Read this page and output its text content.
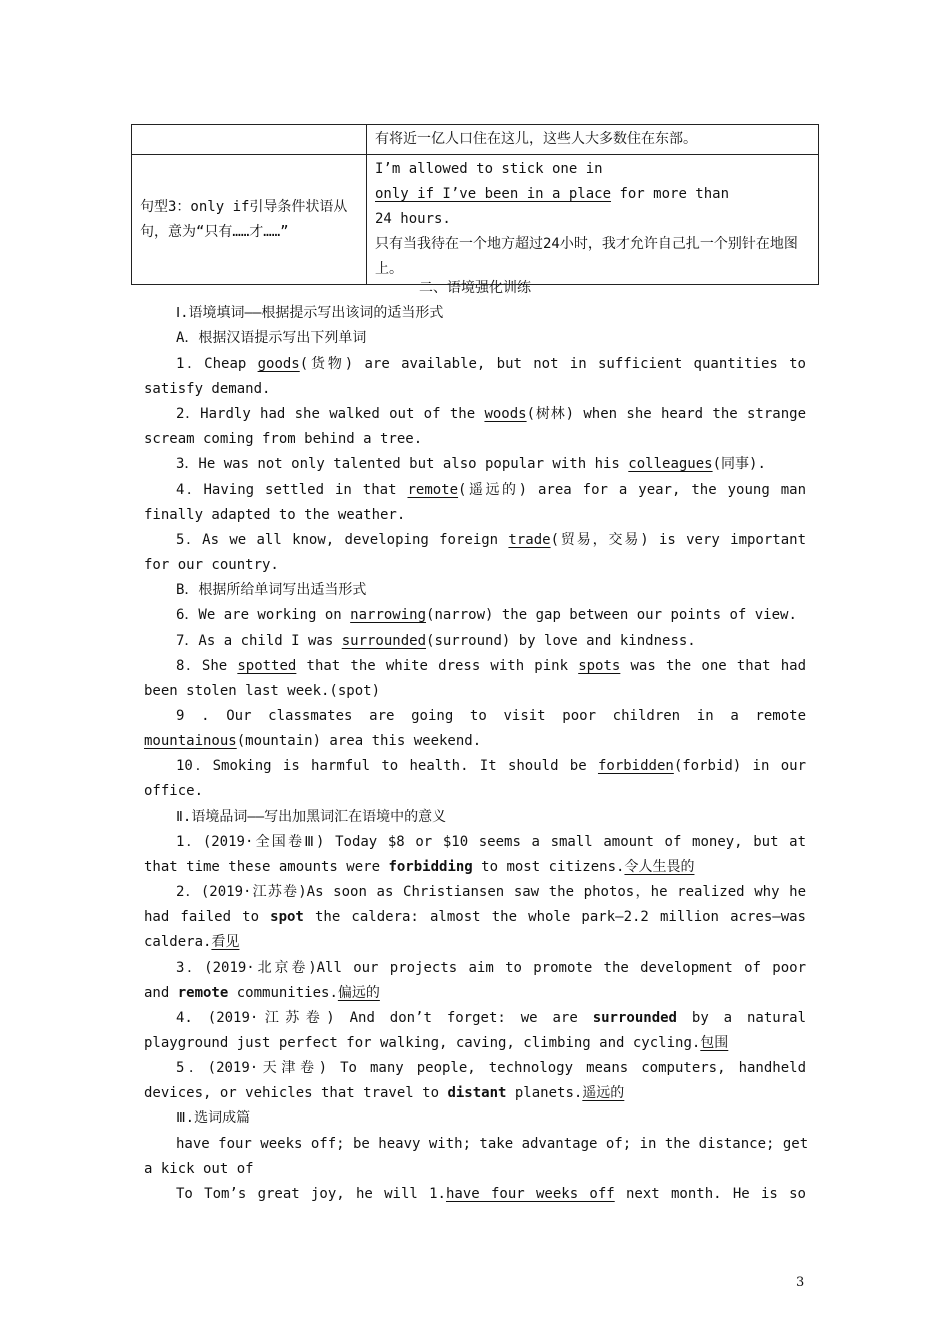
	有将近一亿人口住在这儿，这些人大多数住在东部。
句型3：only if引导条件状语从句，意为“只有……才……”	I’m allowed to stick one in
only if I’ve been in a place for more than
24 hours.
只有当我待在一个地方超过24小时，我才允许自己扎一个别针在地图上。
二、语境强化训练
Ⅰ.语境填词——根据提示写出该词的适当形式
A．根据汉语提示写出下列单词
1．Cheap goods(货物) are available, but not in sufficient quantities to
satisfy demand.
2．Hardly had she walked out of the woods(树林) when she heard the strange
scream coming from behind a tree.
3．He was not only talented but also popular with his colleagues(同事).
4．Having settled in that remote(遥远的) area for a year, the young man
finally adapted to the weather.
5．As we all know, developing foreign trade(贸易，交易) is very important
for our country.
B．根据所给单词写出适当形式
6．We are working on narrowing(narrow) the gap between our points of view.
7．As a child I was surrounded(surround) by love and kindness.
8．She spotted that the white dress with pink spots was the one that had
been stolen last week.(spot)
9 . Our classmates are going to visit poor children in a remote
mountainous(mountain) area this weekend.
10．Smoking is harmful to health. It should be forbidden(forbid) in our
office.
Ⅱ.语境品词——写出加黑词汇在语境中的意义
1．(2019·全国卷Ⅲ) Today $8 or $10 seems a small amount of money, but at
that time these amounts were forbidding to most citizens.令人生畏的
2．(2019·江苏卷)As soon as Christiansen saw the photos，he realized why he
had failed to spot the caldera: almost the whole park—2.2 million acres—was
caldera.看见
3．(2019·北京卷)All our projects aim to promote the development of poor
and remote communities.偏远的
4. (2019·江苏卷) And don’t forget: we are surrounded by a natural
playground just perfect for walking, caving, climbing and cycling.包围
5．(2019·天津卷) To many people, technology means computers, handheld
devices, or vehicles that travel to distant planets.遥远的
Ⅲ.选词成篇
have four weeks off; be heavy with; take advantage of; in the distance; get
a kick out of
To Tom’s great joy, he will 1.have four weeks off next month. He is so
3
